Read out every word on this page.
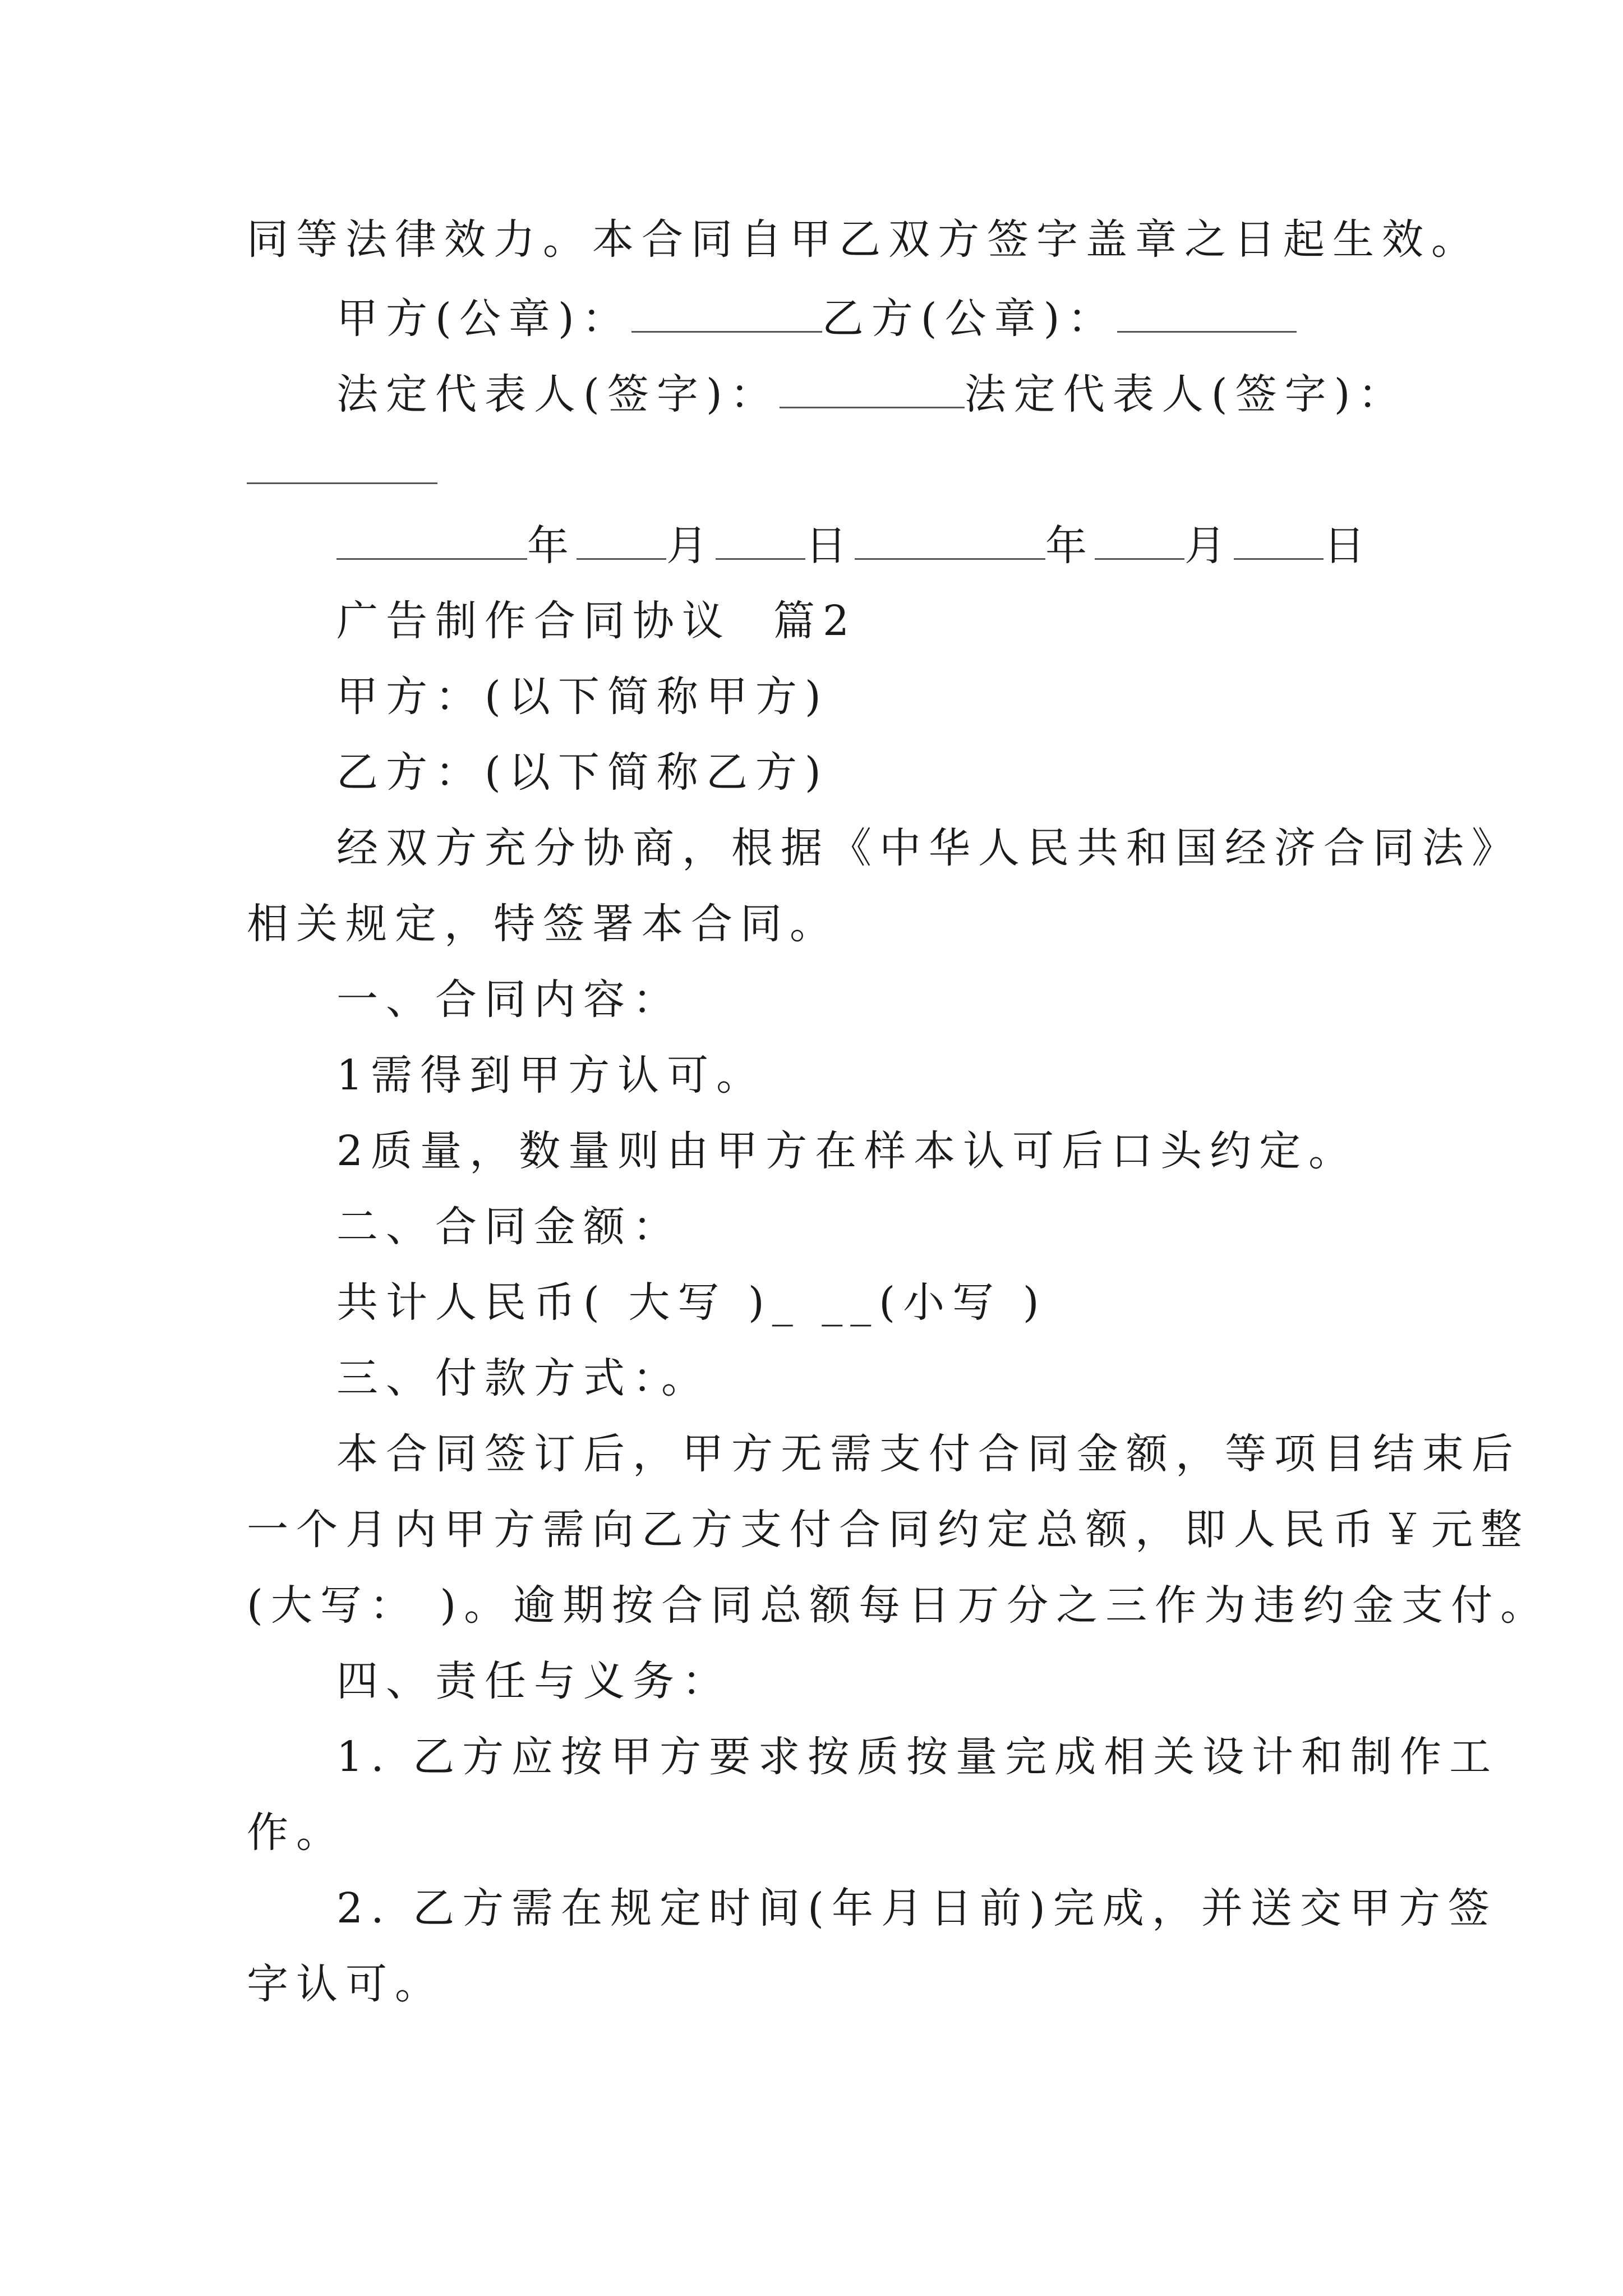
同等法律效力。本合同自甲乙双方签字盖章之日起生效。
甲方(公章)：	乙方(公章)：
法定代表人(签字)：	法定代表人(签字)：
年 月 日	年 月 日
广告制作合同协议  篇2
甲方：(以下简称甲方)
乙方：(以下简称乙方)
经双方充分协商，根据《中华人民共和国经济合同法》
相关规定，特签署本合同。
一、合同内容：
1需得到甲方认可。
2质量，数量则由甲方在样本认可后口头约定。
二、合同金额：
共计人民币( 大写 )_ __(小写 )
三、付款方式：。
本合同签订后，甲方无需支付合同金额，等项目结束后
一个月内甲方需向乙方支付合同约定总额，即人民币￥元整
(大写： )。逾期按合同总额每日万分之三作为违约金支付。
四、责任与义务：
1. 乙方应按甲方要求按质按量完成相关设计和制作工
作。
2. 乙方需在规定时间(年月日前)完成，并送交甲方签
字认可。
